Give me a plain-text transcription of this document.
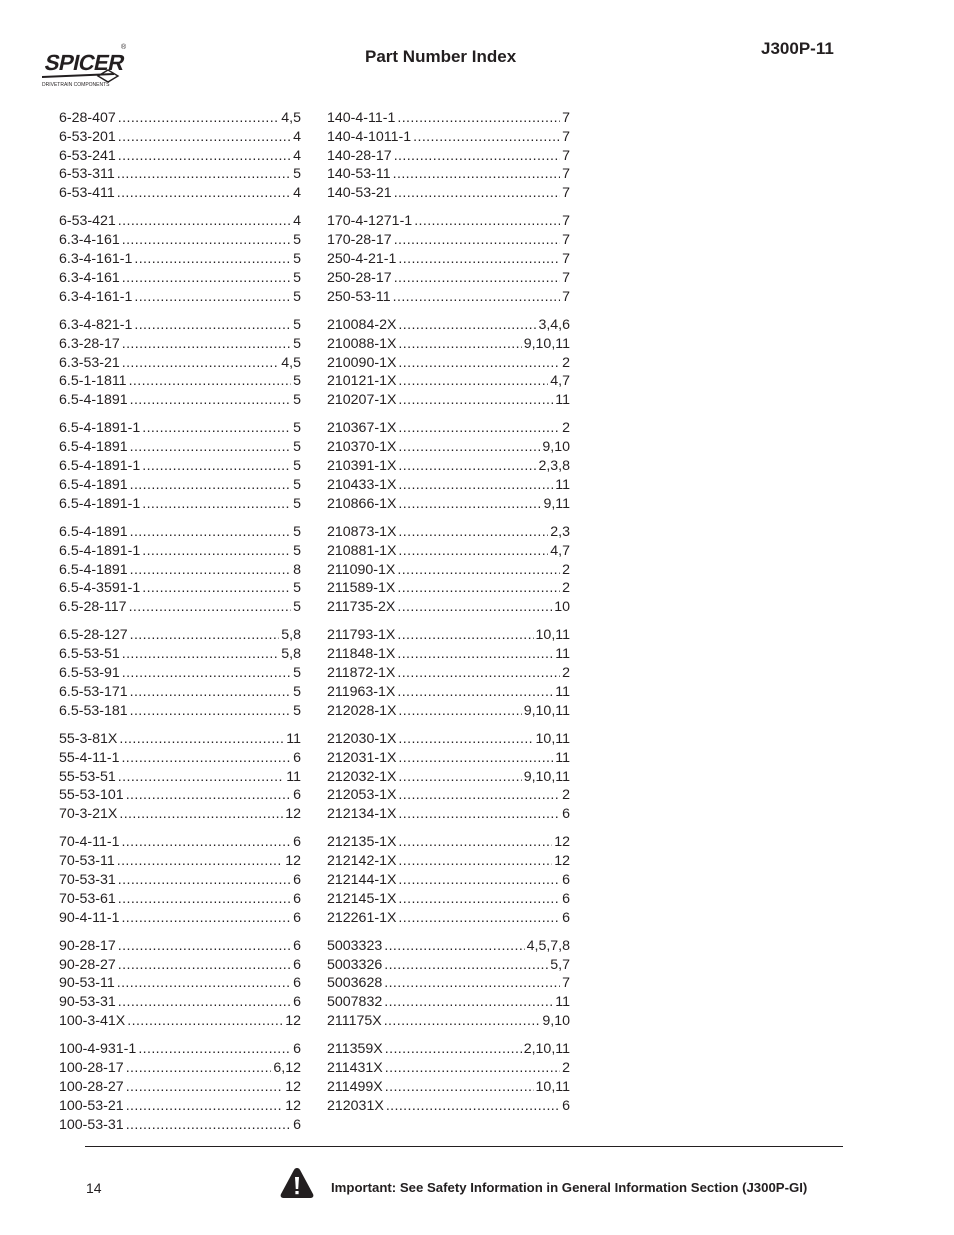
SPICER
®
DRIVETRAIN COMPONENTS
Part Number Index	J300P-11
6-28-407 .....	4,5
6-53-201 .....	4
6-53-241 .....	4
6-53-311 .....	5
6-53-411 .....	4
6-53-421 .....	4
6.3-4-161 .....	5
6.3-4-161-1 .....	5
6.3-4-161 .....	5
6.3-4-161-1 .....	5
6.3-4-821-1 .....	5
6.3-28-17 .....	5
6.3-53-21 .....	4,5
6.5-1-1811 .....	5
6.5-4-1891 .....	5
6.5-4-1891-1 .....	5
6.5-4-1891 .....	5
6.5-4-1891-1 .....	5
6.5-4-1891 .....	5
6.5-4-1891-1 .....	5
6.5-4-1891 .....	5
6.5-4-1891-1 .....	5
6.5-4-1891 .....	8
6.5-4-3591-1 .....	5
6.5-28-117 .....	5
6.5-28-127 .....	5,8
6.5-53-51 .....	5,8
6.5-53-91 .....	5
6.5-53-171 .....	5
6.5-53-181 .....	5
55-3-81X .....	11
55-4-11-1 .....	6
55-53-51 .....	11
55-53-101 .....	6
70-3-21X .....	12
70-4-11-1 .....	6
70-53-11 .....	12
70-53-31 .....	6
70-53-61 .....	6
90-4-11-1 .....	6
90-28-17 .....	6
90-28-27 .....	6
90-53-11 .....	6
90-53-31 .....	6
100-3-41X .....	12
100-4-931-1 .....	6
100-28-17 .....	6,12
100-28-27 .....	12
100-53-21 .....	12
100-53-31 .....	6
140-4-11-1 .....	7
140-4-1011-1 .....	7
140-28-17 .....	7
140-53-11 .....	7
140-53-21 .....	7
170-4-1271-1 .....	7
170-28-17 .....	7
250-4-21-1 .....	7
250-28-17 .....	7
250-53-11 .....	7
210084-2X .....	3,4,6
210088-1X .....	9,10,11
210090-1X .....	2
210121-1X .....	4,7
210207-1X .....	11
210367-1X .....	2
210370-1X .....	9,10
210391-1X .....	2,3,8
210433-1X .....	11
210866-1X .....	9,11
210873-1X .....	2,3
210881-1X .....	4,7
211090-1X .....	2
211589-1X .....	2
211735-2X .....	10
211793-1X .....	10,11
211848-1X .....	11
211872-1X .....	2
211963-1X .....	11
212028-1X .....	9,10,11
212030-1X .....	10,11
212031-1X .....	11
212032-1X .....	9,10,11
212053-1X .....	2
212134-1X .....	6
212135-1X .....	12
212142-1X .....	12
212144-1X .....	6
212145-1X .....	6
212261-1X .....	6
5003323 .....	4,5,7,8
5003326 .....	5,7
5003628 .....	7
5007832 .....	11
211175X .....	9,10
211359X .....	2,10,11
211431X .....	2
211499X .....	10,11
212031X .....	6
14	Important: See Safety Information in General Information Section (J300P-GI)
